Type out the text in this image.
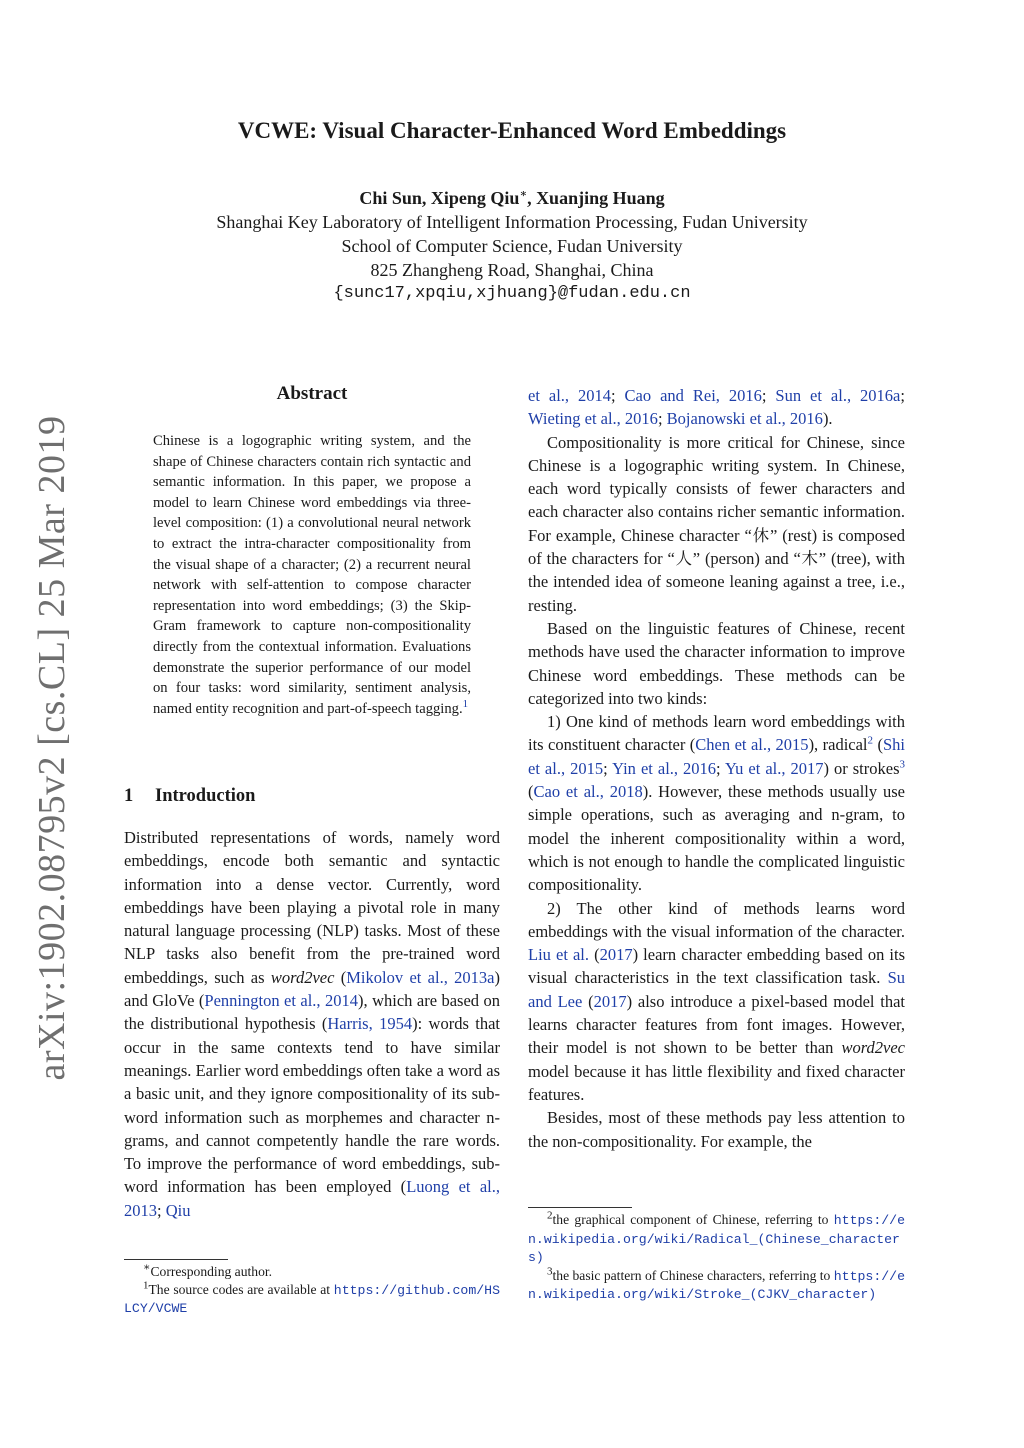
arXiv:1902.08795v2 [cs.CL] 25 Mar 2019
VCWE: Visual Character-Enhanced Word Embeddings
Chi Sun, Xipeng Qiu∗, Xuanjing Huang
Shanghai Key Laboratory of Intelligent Information Processing, Fudan University
School of Computer Science, Fudan University
825 Zhangheng Road, Shanghai, China
{sunc17,xpqiu,xjhuang}@fudan.edu.cn
Abstract
Chinese is a logographic writing system, and the shape of Chinese characters contain rich syntactic and semantic information. In this paper, we propose a model to learn Chinese word embeddings via three-level composition: (1) a convolutional neural network to extract the intra-character compositionality from the visual shape of a character; (2) a recurrent neural network with self-attention to compose character representation into word embeddings; (3) the Skip-Gram framework to capture non-compositionality directly from the contextual information. Evaluations demonstrate the superior performance of our model on four tasks: word similarity, sentiment analysis, named entity recognition and part-of-speech tagging.$^1$
1 Introduction

Distributed representations of words, namely word embeddings, encode both semantic and syntactic information into a dense vector. Currently, word embeddings have been playing a pivotal role in many natural language processing (NLP) tasks. Most of these NLP tasks also benefit from the pre-trained word embeddings, such as word2vec (Mikolov et al., 2013a) and GloVe (Pennington et al., 2014), which are based on the distributional hypothesis (Harris, 1954): words that occur in the same contexts tend to have similar meanings. Earlier word embeddings often take a word as a basic unit, and they ignore compositionality of its sub-word information such as morphemes and character n-grams, and cannot competently handle the rare words. To improve the performance of word embeddings, sub-word information has been employed (Luong et al., 2013; Qiu

et al., 2014; Cao and Rei, 2016; Sun et al., 2016a; Wieting et al., 2016; Bojanowski et al., 2016).

Compositionality is more critical for Chinese, since Chinese is a logographic writing system. In Chinese, each word typically consists of fewer characters and each character also contains richer semantic information. For example, Chinese character “休” (rest) is composed of the characters for “人” (person) and “木” (tree), with the intended idea of someone leaning against a tree, i.e., resting.

Based on the linguistic features of Chinese, recent methods have used the character information to improve Chinese word embeddings. These methods can be categorized into two kinds:

1) One kind of methods learn word embeddings with its constituent character (Chen et al., 2015), radical$^2$ (Shi et al., 2015; Yin et al., 2016; Yu et al., 2017) or strokes$^3$ (Cao et al., 2018). However, these methods usually use simple operations, such as averaging and n-gram, to model the inherent compositionality within a word, which is not enough to handle the complicated linguistic compositionality.

2) The other kind of methods learns word embeddings with the visual information of the character. Liu et al. (2017) learn character embedding based on its visual characteristics in the text classification task. Su and Lee (2017) also introduce a pixel-based model that learns character features from font images. However, their model is not shown to be better than word2vec model because it has little flexibility and fixed character features.

Besides, most of these methods pay less attention to the non-compositionality. For example, the

∗Corresponding author.
$^1$The source codes are available at https://github.com/HSLCY/VCWE
$^2$the graphical component of Chinese, referring to https://en.wikipedia.org/wiki/Radical_(Chinese_characters)
$^3$the basic pattern of Chinese characters, referring to https://en.wikipedia.org/wiki/Stroke_(CJKV_character)
